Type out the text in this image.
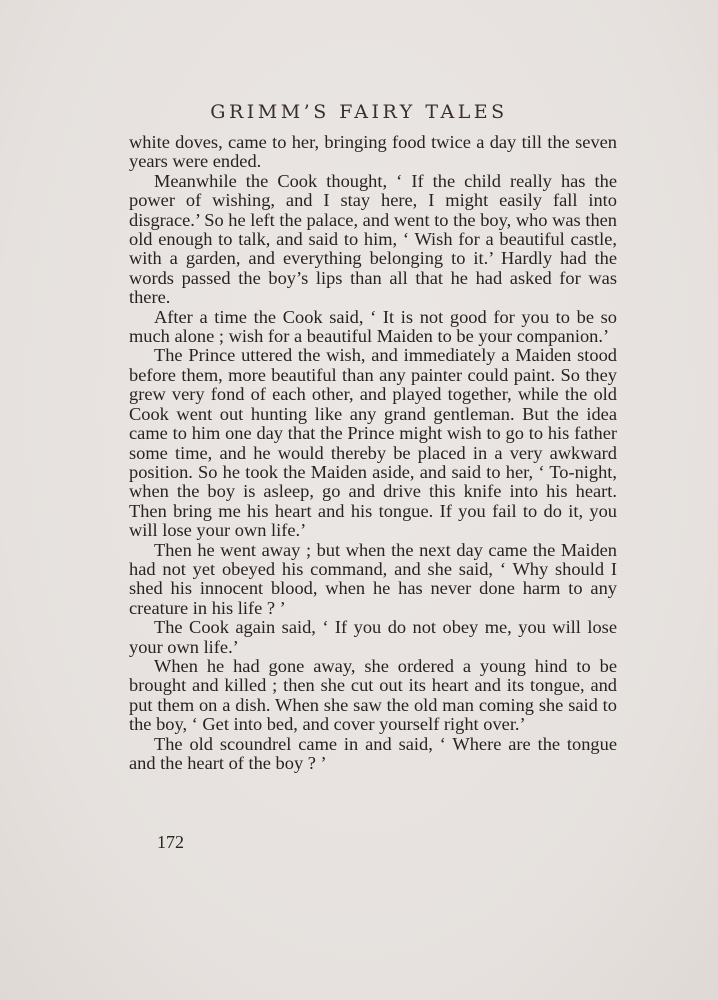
GRIMM’S FAIRY TALES

white doves, came to her, bringing food twice a day till the seven years were ended.

Meanwhile the Cook thought, ‘ If the child really has the power of wishing, and I stay here, I might easily fall into disgrace.’ So he left the palace, and went to the boy, who was then old enough to talk, and said to him, ‘ Wish for a beautiful castle, with a garden, and everything belonging to it.’ Hardly had the words passed the boy’s lips than all that he had asked for was there.

After a time the Cook said, ‘ It is not good for you to be so much alone ; wish for a beautiful Maiden to be your companion.’

The Prince uttered the wish, and immediately a Maiden stood before them, more beautiful than any painter could paint. So they grew very fond of each other, and played together, while the old Cook went out hunting like any grand gentleman. But the idea came to him one day that the Prince might wish to go to his father some time, and he would thereby be placed in a very awkward position. So he took the Maiden aside, and said to her, ‘ To-night, when the boy is asleep, go and drive this knife into his heart. Then bring me his heart and his tongue. If you fail to do it, you will lose your own life.’

Then he went away ; but when the next day came the Maiden had not yet obeyed his command, and she said, ‘ Why should I shed his innocent blood, when he has never done harm to any creature in his life ? ’

The Cook again said, ‘ If you do not obey me, you will lose your own life.’

When he had gone away, she ordered a young hind to be brought and killed ; then she cut out its heart and its tongue, and put them on a dish. When she saw the old man coming she said to the boy, ‘ Get into bed, and cover yourself right over.’

The old scoundrel came in and said, ‘ Where are the tongue and the heart of the boy ? ’

172
